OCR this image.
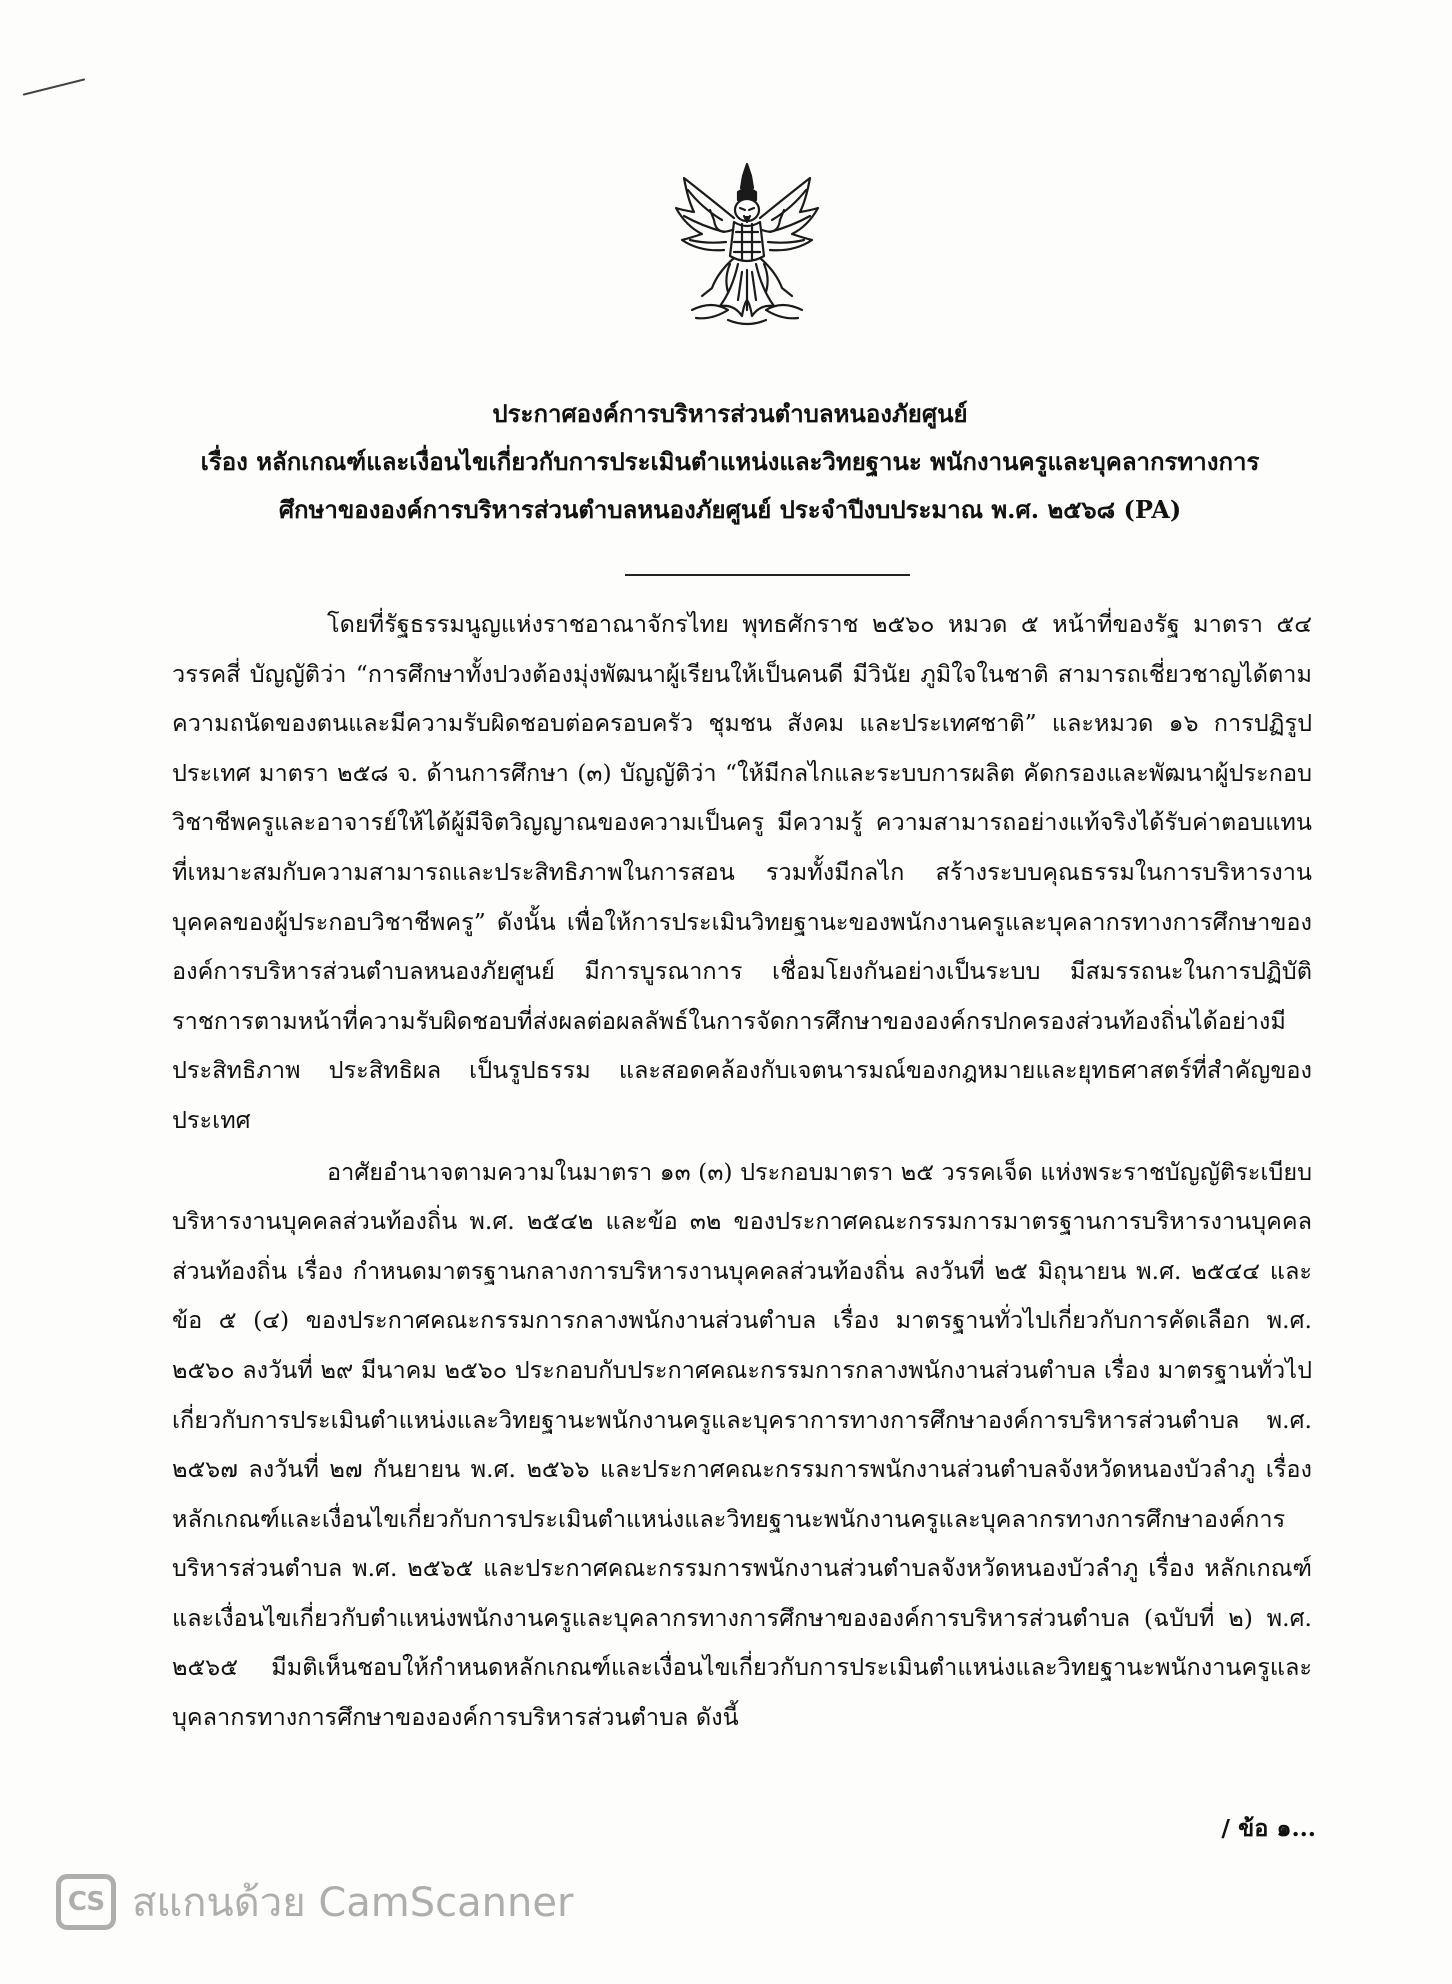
ประกาศองค์การบริหารส่วนตำบลหนองภัยศูนย์
เรื่อง หลักเกณฑ์และเงื่อนไขเกี่ยวกับการประเมินตำแหน่งและวิทยฐานะ พนักงานครูและบุคลากรทางการ
ศึกษาขององค์การบริหารส่วนตำบลหนองภัยศูนย์ ประจำปีงบประมาณ พ.ศ. ๒๕๖๘ (PA)

โดยที่รัฐธรรมนูญแห่งราชอาณาจักรไทย พุทธศักราช ๒๕๖๐ หมวด ๕ หน้าที่ของรัฐ มาตรา ๕๔ วรรคสี่ บัญญัติว่า “การศึกษาทั้งปวงต้องมุ่งพัฒนาผู้เรียนให้เป็นคนดี มีวินัย ภูมิใจในชาติ สามารถเชี่ยวชาญได้ตามความถนัดของตนและมีความรับผิดชอบต่อครอบครัว ชุมชน สังคม และประเทศชาติ” และหมวด ๑๖ การปฏิรูปประเทศ มาตรา ๒๕๘ จ. ด้านการศึกษา (๓) บัญญัติว่า “ให้มีกลไกและระบบการผลิต คัดกรองและพัฒนาผู้ประกอบวิชาชีพครูและอาจารย์ให้ได้ผู้มีจิตวิญญาณของความเป็นครู มีความรู้ ความสามารถอย่างแท้จริงได้รับค่าตอบแทนที่เหมาะสมกับความสามารถและประสิทธิภาพในการสอน รวมทั้งมีกลไก สร้างระบบคุณธรรมในการบริหารงานบุคคลของผู้ประกอบวิชาชีพครู” ดังนั้น เพื่อให้การประเมินวิทยฐานะของพนักงานครูและบุคลากรทางการศึกษาขององค์การบริหารส่วนตำบลหนองภัยศูนย์ มีการบูรณาการ เชื่อมโยงกันอย่างเป็นระบบ มีสมรรถนะในการปฏิบัติราชการตามหน้าที่ความรับผิดชอบที่ส่งผลต่อผลลัพธ์ในการจัดการศึกษาขององค์กรปกครองส่วนท้องถิ่นได้อย่างมีประสิทธิภาพ ประสิทธิผล เป็นรูปธรรม และสอดคล้องกับเจตนารมณ์ของกฎหมายและยุทธศาสตร์ที่สำคัญของประเทศ

อาศัยอำนาจตามความในมาตรา ๑๓ (๓) ประกอบมาตรา ๒๕ วรรคเจ็ด แห่งพระราชบัญญัติระเบียบบริหารงานบุคคลส่วนท้องถิ่น พ.ศ. ๒๕๔๒ และข้อ ๓๒ ของประกาศคณะกรรมการมาตรฐานการบริหารงานบุคคลส่วนท้องถิ่น เรื่อง กำหนดมาตรฐานกลางการบริหารงานบุคคลส่วนท้องถิ่น ลงวันที่ ๒๕ มิถุนายน พ.ศ. ๒๕๔๔ และข้อ ๕ (๔) ของประกาศคณะกรรมการกลางพนักงานส่วนตำบล เรื่อง มาตรฐานทั่วไปเกี่ยวกับการคัดเลือก พ.ศ. ๒๕๖๐ ลงวันที่ ๒๙ มีนาคม ๒๕๖๐ ประกอบกับประกาศคณะกรรมการกลางพนักงานส่วนตำบล เรื่อง มาตรฐานทั่วไปเกี่ยวกับการประเมินตำแหน่งและวิทยฐานะพนักงานครูและบุคราการทางการศึกษาองค์การบริหารส่วนตำบล พ.ศ. ๒๕๖๗ ลงวันที่ ๒๗ กันยายน พ.ศ. ๒๕๖๖ และประกาศคณะกรรมการพนักงานส่วนตำบลจังหวัดหนองบัวลำภู เรื่อง หลักเกณฑ์และเงื่อนไขเกี่ยวกับการประเมินตำแหน่งและวิทยฐานะพนักงานครูและบุคลากรทางการศึกษาองค์การบริหารส่วนตำบล พ.ศ. ๒๕๖๕ และประกาศคณะกรรมการพนักงานส่วนตำบลจังหวัดหนองบัวลำภู เรื่อง หลักเกณฑ์และเงื่อนไขเกี่ยวกับตำแหน่งพนักงานครูและบุคลากรทางการศึกษาขององค์การบริหารส่วนตำบล (ฉบับที่ ๒) พ.ศ. ๒๕๖๕ มีมติเห็นชอบให้กำหนดหลักเกณฑ์และเงื่อนไขเกี่ยวกับการประเมินตำแหน่งและวิทยฐานะพนักงานครูและบุคลากรทางการศึกษาขององค์การบริหารส่วนตำบล ดังนี้

/ ข้อ ๑...
CS สแกนด้วย CamScanner
